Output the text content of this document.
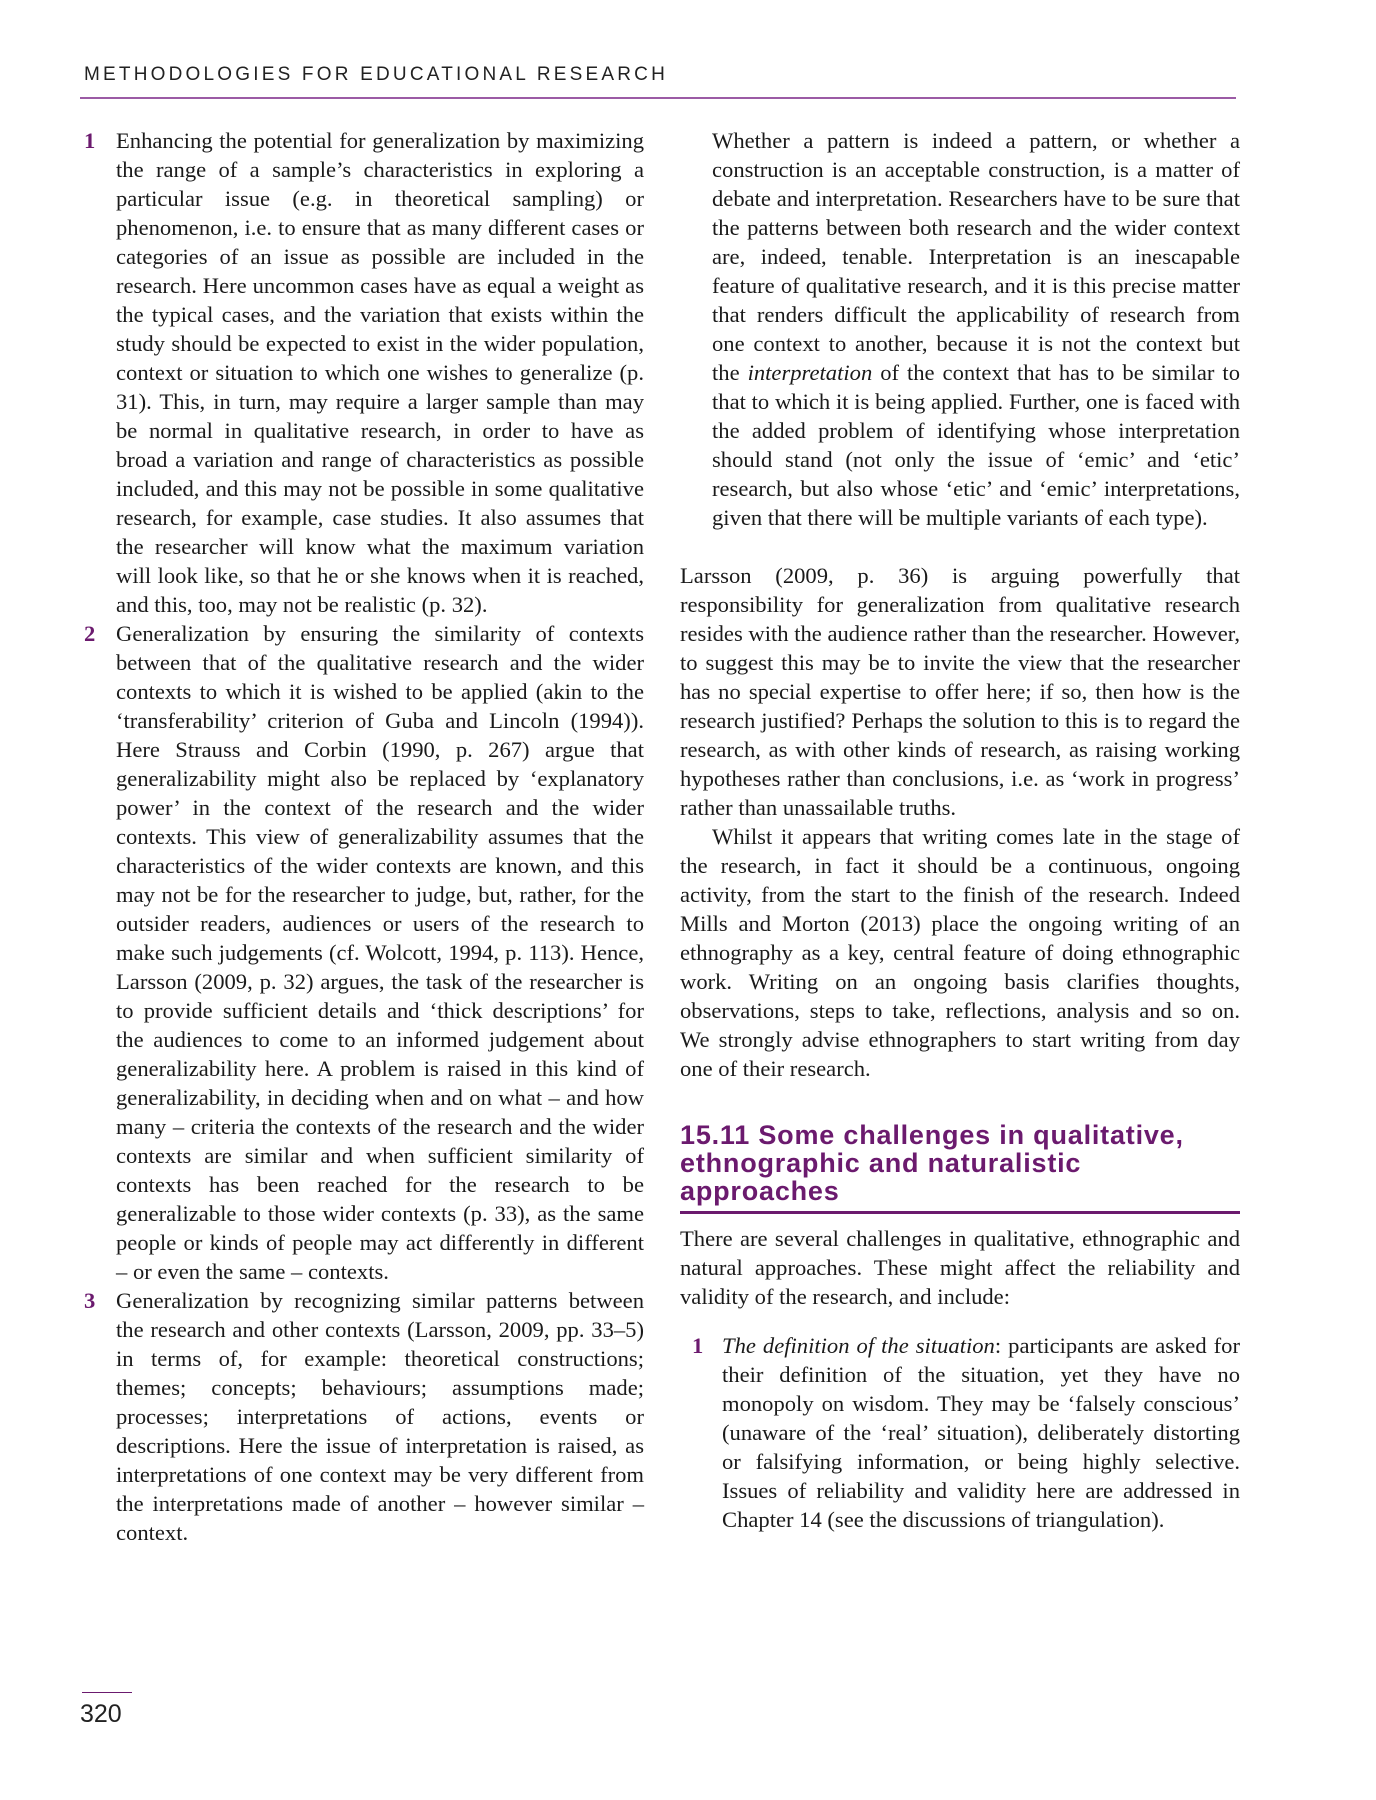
METHODOLOGIES FOR EDUCATIONAL RESEARCH
1 Enhancing the potential for generalization by maximizing the range of a sample’s characteristics in exploring a particular issue (e.g. in theoretical sampling) or phenomenon, i.e. to ensure that as many different cases or categories of an issue as possible are included in the research. Here uncommon cases have as equal a weight as the typical cases, and the variation that exists within the study should be expected to exist in the wider population, context or situation to which one wishes to generalize (p. 31). This, in turn, may require a larger sample than may be normal in qualitative research, in order to have as broad a variation and range of characteristics as possible included, and this may not be possible in some qualitative research, for example, case studies. It also assumes that the researcher will know what the maximum variation will look like, so that he or she knows when it is reached, and this, too, may not be realistic (p. 32).

2 Generalization by ensuring the similarity of contexts between that of the qualitative research and the wider contexts to which it is wished to be applied (akin to the ‘transferability’ criterion of Guba and Lincoln (1994)). Here Strauss and Corbin (1990, p. 267) argue that generalizability might also be replaced by ‘explanatory power’ in the context of the research and the wider contexts. This view of generalizability assumes that the characteristics of the wider contexts are known, and this may not be for the researcher to judge, but, rather, for the outsider readers, audiences or users of the research to make such judgements (cf. Wolcott, 1994, p. 113). Hence, Larsson (2009, p. 32) argues, the task of the researcher is to provide sufficient details and ‘thick descriptions’ for the audiences to come to an informed judgement about generalizability here. A problem is raised in this kind of generalizability, in deciding when and on what – and how many – criteria the contexts of the research and the wider contexts are similar and when sufficient similarity of contexts has been reached for the research to be generalizable to those wider contexts (p. 33), as the same people or kinds of people may act differently in different – or even the same – contexts.

3 Generalization by recognizing similar patterns between the research and other contexts (Larsson, 2009, pp. 33–5) in terms of, for example: theoretical constructions; themes; concepts; behaviours; assumptions made; processes; interpretations of actions, events or descriptions. Here the issue of interpretation is raised, as interpretations of one context may be very different from the interpretations made of another – however similar – context.

Whether a pattern is indeed a pattern, or whether a construction is an acceptable construction, is a matter of debate and interpretation. Researchers have to be sure that the patterns between both research and the wider context are, indeed, tenable. Interpretation is an inescapable feature of qualitative research, and it is this precise matter that renders difficult the applicability of research from one context to another, because it is not the context but the interpretation of the context that has to be similar to that to which it is being applied. Further, one is faced with the added problem of identifying whose interpretation should stand (not only the issue of ‘emic’ and ‘etic’ research, but also whose ‘etic’ and ‘emic’ interpretations, given that there will be multiple variants of each type).

Larsson (2009, p. 36) is arguing powerfully that responsibility for generalization from qualitative research resides with the audience rather than the researcher. However, to suggest this may be to invite the view that the researcher has no special expertise to offer here; if so, then how is the research justified? Perhaps the solution to this is to regard the research, as with other kinds of research, as raising working hypotheses rather than conclusions, i.e. as ‘work in progress’ rather than unassailable truths.

Whilst it appears that writing comes late in the stage of the research, in fact it should be a continuous, ongoing activity, from the start to the finish of the research. Indeed Mills and Morton (2013) place the ongoing writing of an ethnography as a key, central feature of doing ethnographic work. Writing on an ongoing basis clarifies thoughts, observations, steps to take, reflections, analysis and so on. We strongly advise ethnographers to start writing from day one of their research.

15.11 Some challenges in qualitative, ethnographic and naturalistic approaches

There are several challenges in qualitative, ethnographic and natural approaches. These might affect the reliability and validity of the research, and include:

1 The definition of the situation: participants are asked for their definition of the situation, yet they have no monopoly on wisdom. They may be ‘falsely conscious’ (unaware of the ‘real’ situation), deliberately distorting or falsifying information, or being highly selective. Issues of reliability and validity here are addressed in Chapter 14 (see the discussions of triangulation).

320
